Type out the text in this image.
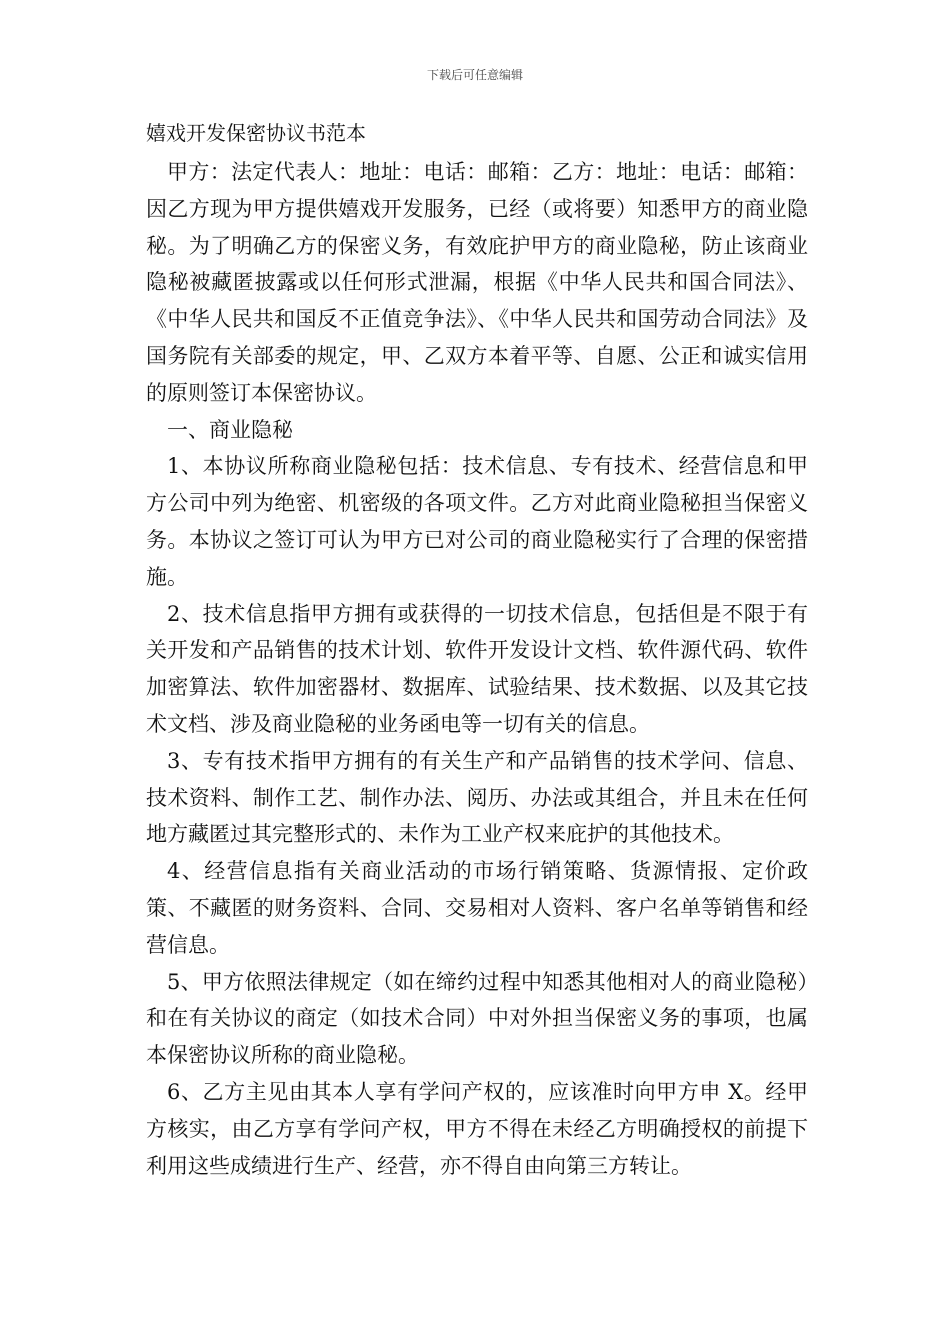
下载后可任意编辑
嬉戏开发保密协议书范本

甲方：法定代表人：地址：电话：邮箱：乙方：地址：电话：邮箱：因乙方现为甲方提供嬉戏开发服务，已经（或将要）知悉甲方的商业隐秘。为了明确乙方的保密义务，有效庇护甲方的商业隐秘，防止该商业隐秘被藏匿披露或以任何形式泄漏，根据《中华人民共和国合同法》、《中华人民共和国反不正值竞争法》、《中华人民共和国劳动合同法》及国务院有关部委的规定，甲、乙双方本着平等、自愿、公正和诚实信用的原则签订本保密协议。

一、商业隐秘

1、本协议所称商业隐秘包括：技术信息、专有技术、经营信息和甲方公司中列为绝密、机密级的各项文件。乙方对此商业隐秘担当保密义务。本协议之签订可认为甲方已对公司的商业隐秘实行了合理的保密措施。

2、技术信息指甲方拥有或获得的一切技术信息，包括但是不限于有关开发和产品销售的技术计划、软件开发设计文档、软件源代码、软件加密算法、软件加密器材、数据库、试验结果、技术数据、以及其它技术文档、涉及商业隐秘的业务函电等一切有关的信息。

3、专有技术指甲方拥有的有关生产和产品销售的技术学问、信息、技术资料、制作工艺、制作办法、阅历、办法或其组合，并且未在任何地方藏匿过其完整形式的、未作为工业产权来庇护的其他技术。

4、经营信息指有关商业活动的市场行销策略、货源情报、定价政策、不藏匿的财务资料、合同、交易相对人资料、客户名单等销售和经营信息。

5、甲方依照法律规定（如在缔约过程中知悉其他相对人的商业隐秘）和在有关协议的商定（如技术合同）中对外担当保密义务的事项，也属本保密协议所称的商业隐秘。

6、乙方主见由其本人享有学问产权的，应该准时向甲方申 X。经甲方核实，由乙方享有学问产权，甲方不得在未经乙方明确授权的前提下利用这些成绩进行生产、经营，亦不得自由向第三方转让。
